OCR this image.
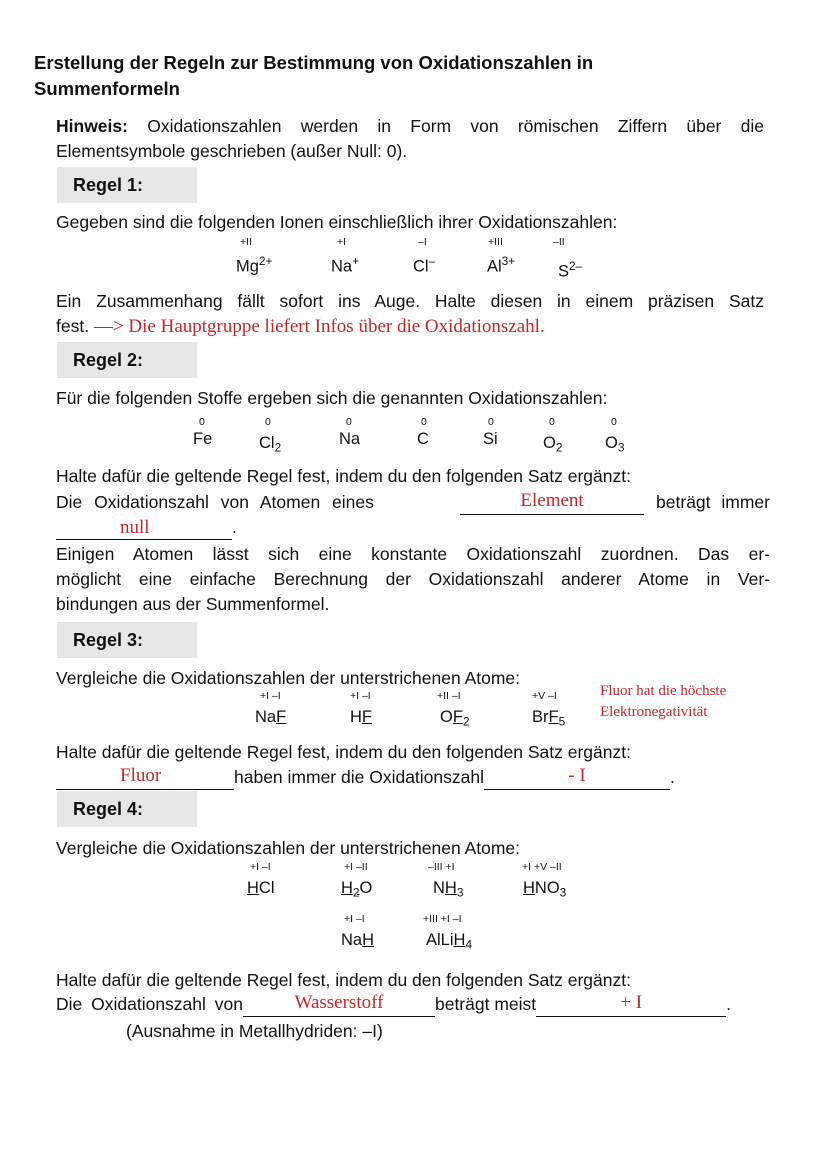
Erstellung der Regeln zur Bestimmung von Oxidationszahlen in
Summenformeln
Hinweis: Oxidationszahlen werden in Form von römischen Ziffern über die
Elementsymbole geschrieben (außer Null: 0).
Regel 1:
Gegeben sind die folgenden Ionen einschließlich ihrer Oxidationszahlen:
+II
$Mg^{2+}$
+I
Na+
–I
Cl–
+III
$Al^{3+}$
–II
$S^{2-}$
Ein Zusammenhang fällt sofort ins Auge. Halte diesen in einem präzisen Satz
fest. —> Die Hauptgruppe liefert Infos über die Oxidationszahl.
Regel 2:
Für die folgenden Stoffe ergeben sich die genannten Oxidationszahlen:
0
Fe
0
$Cl_2$
0
Na
0
C
0
Si
0
$O_2$
0
$O_3$
Halte dafür die geltende Regel fest, indem du den folgenden Satz ergänzt:
Die Oxidationszahl von Atomen eines	Element	beträgt immer
null	.
Einigen Atomen lässt sich eine konstante Oxidationszahl zuordnen. Das er-
möglicht eine einfache Berechnung der Oxidationszahl anderer Atome in Ver-
bindungen aus der Summenformel.
Regel 3:
Vergleiche die Oxidationszahlen der unterstrichenen Atome:
+I –I
NaF
+I –I
HF
+II –I
$OF_2$
+V –I
BrF$_5$
Fluor hat die höchste
Elektronegativität
Halte dafür die geltende Regel fest, indem du den folgenden Satz ergänzt:
Fluor	haben immer die Oxidationszahl	- I	.
Regel 4:
Vergleiche die Oxidationszahlen der unterstrichenen Atome:
+I –I
HCl
+I –II
$H_2O$
–III +I
$NH_3$
+I +V –II
$HNO_3$
+I –I
NaH
+III +I –I
AlLiH$_4$
Halte dafür die geltende Regel fest, indem du den folgenden Satz ergänzt:
Die Oxidationszahl von	Wasserstoff	beträgt meist	+ I	.
(Ausnahme in Metallhydriden: –I)
